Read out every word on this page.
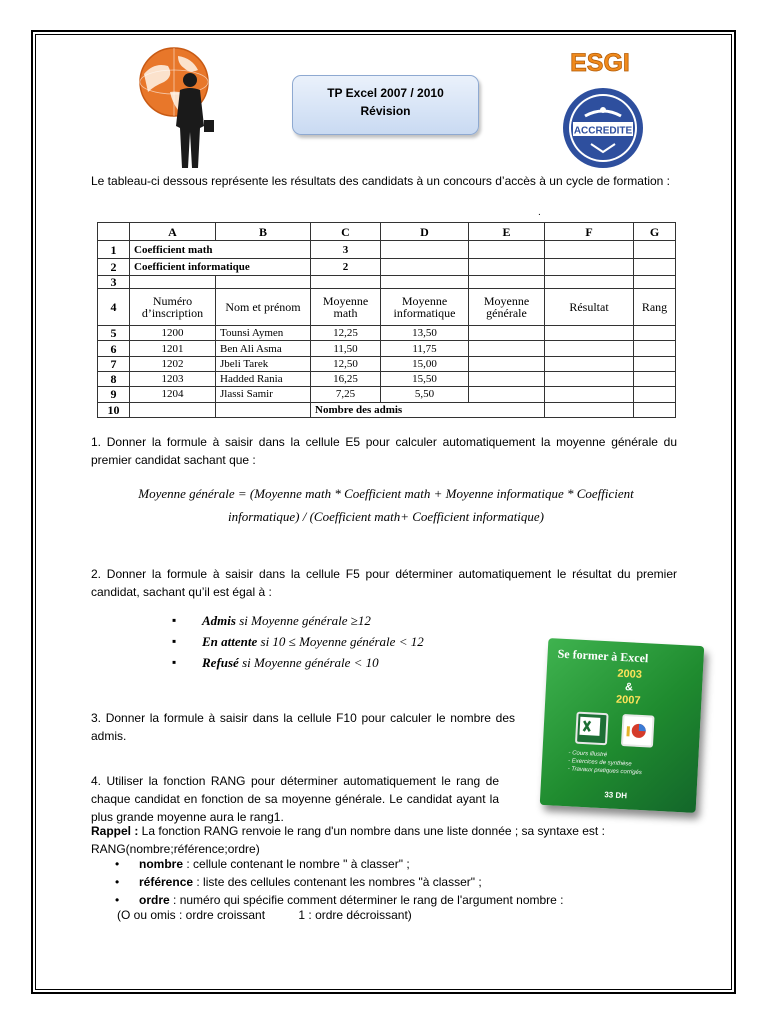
TP Excel 2007 / 2010
Révision
ESGI
ACCREDITE
Le tableau-ci dessous représente les résultats des candidats à un concours d’accès à un cycle de formation :
.
	A	B	C	D	E	F	G
1	Coefficient math		3				
2	Coefficient informatique		2				
3							
4	Numéro d’inscription	Nom et prénom	Moyenne math	Moyenne informatique	Moyenne générale	Résultat	Rang
5	1200	Tounsi Aymen	12,25	13,50			
6	1201	Ben Ali Asma	11,50	11,75			
7	1202	Jbeli Tarek	12,50	15,00			
8	1203	Hadded Rania	16,25	15,50			
9	1204	Jlassi Samir	7,25	5,50			
10			Nombre des admis				
1. Donner la formule à saisir dans la cellule E5 pour calculer automatiquement la moyenne générale du premier candidat sachant que :
Moyenne générale = (Moyenne math * Coefficient math + Moyenne informatique * Coefficient
informatique) / (Coefficient math+ Coefficient informatique)
2. Donner la formule à saisir dans la cellule F5 pour déterminer automatiquement le résultat du premier candidat, sachant qu’il est égal à :
▪ Admis si Moyenne générale ≥12
▪ En attente si 10 ≤ Moyenne générale < 12
▪ Refusé si Moyenne générale < 10
3. Donner la formule à saisir dans la cellule F10 pour calculer le nombre des admis.
4. Utiliser la fonction RANG pour déterminer automatiquement le rang de chaque candidat en fonction de sa moyenne générale. Le candidat ayant la plus grande moyenne aura le rang1.
Se former à Excel
2003
&
2007
- Cours illustré
- Exercices de synthèse
- Travaux pratiques corrigés
33 DH
Rappel : La fonction RANG renvoie le rang d'un nombre dans une liste donnée ; sa syntaxe est :
RANG(nombre;référence;ordre)
• nombre : cellule contenant le nombre " à classer" ;
• référence : liste des cellules contenant les nombres "à classer" ;
• ordre : numéro qui spécifie comment déterminer le rang de l'argument nombre :
(O ou omis : ordre croissant          1 : ordre décroissant)
